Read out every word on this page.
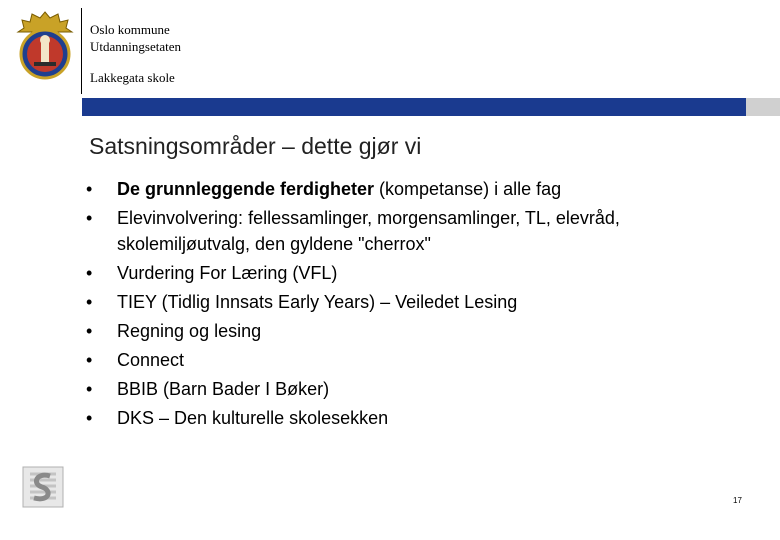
Oslo kommune
Utdanningsetaten
Lakkegata skole
Satsningsområder – dette gjør vi
•	De grunnleggende ferdigheter (kompetanse) i alle fag
•	Elevinvolvering: fellessamlinger, morgensamlinger, TL, elevråd, skolemiljøutvalg, den gyldene "cherrox"
•	Vurdering For Læring (VFL)
•	TIEY (Tidlig Innsats Early Years) – Veiledet Lesing
•	Regning og lesing
•	Connect
•	BBIB (Barn Bader I Bøker)
•	DKS – Den kulturelle skolesekken
17
